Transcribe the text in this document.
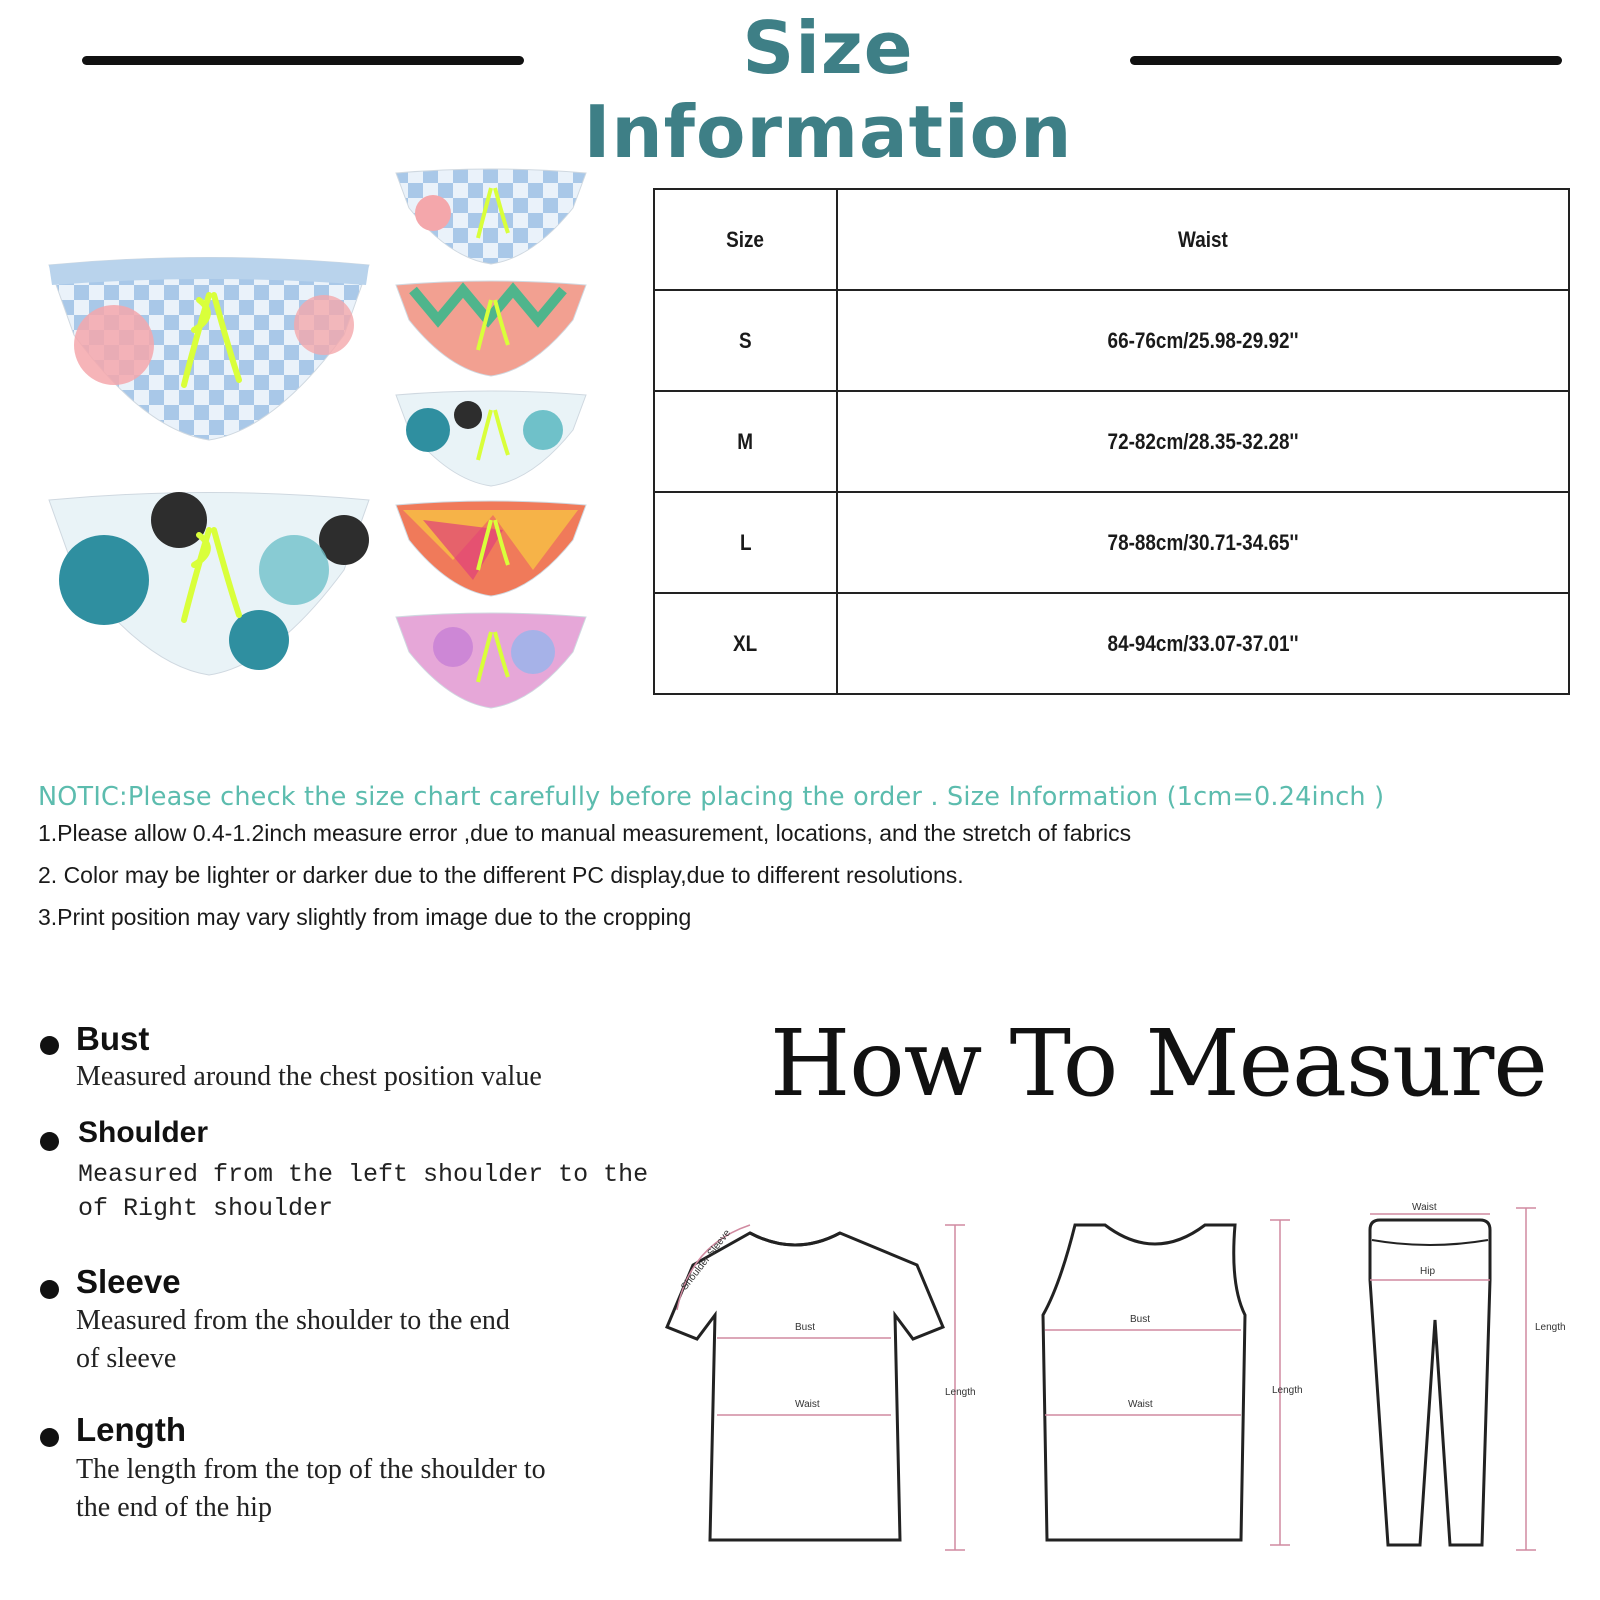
Size Information
Size	Waist
S	66-76cm/25.98-29.92''
M	72-82cm/28.35-32.28''
L	78-88cm/30.71-34.65''
XL	84-94cm/33.07-37.01''
NOTIC:Please check the size chart carefully before placing the order . Size Information (1cm=0.24inch )
1.Please allow 0.4-1.2inch measure error ,due to manual measurement, locations, and the stretch of fabrics
2. Color may be lighter or darker due to the different PC display,due to different resolutions.
3.Print position may vary slightly from image due to the cropping
Bust
Measured around the chest position value
Shoulder
Measured from the left shoulder to the
of Right shoulder
Sleeve
Measured from the shoulder to the end
of sleeve
Length
The length from the top of the shoulder to
the end of the hip
How To Measure
Shoulder Sleeve
Bust
Waist
Length
Bust
Waist
Length
Waist
Hip
Length
